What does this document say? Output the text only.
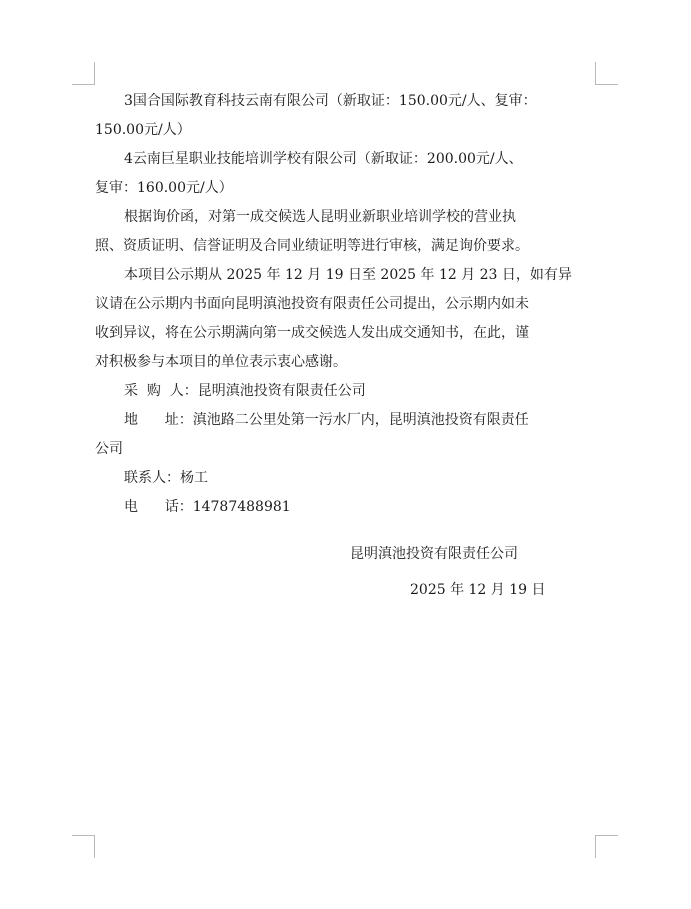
3国合国际教育科技云南有限公司（新取证：150.00元/人、复审：
150.00元/人）
4云南巨星职业技能培训学校有限公司（新取证：200.00元/人、
复审：160.00元/人）
根据询价函，对第一成交候选人昆明业新职业培训学校的营业执
照、资质证明、信誉证明及合同业绩证明等进行审核，满足询价要求。
本项目公示期从 2025 年 12 月 19 日至 2025 年 12 月 23 日，如有异
议请在公示期内书面向昆明滇池投资有限责任公司提出，公示期内如未
收到异议，将在公示期满向第一成交候选人发出成交通知书，在此，谨
对积极参与本项目的单位表示衷心感谢。
采  购  人：昆明滇池投资有限责任公司
地      址：滇池路二公里处第一污水厂内，昆明滇池投资有限责任
公司
联系人：杨工
电      话：14787488981
昆明滇池投资有限责任公司
2025 年 12 月 19 日
